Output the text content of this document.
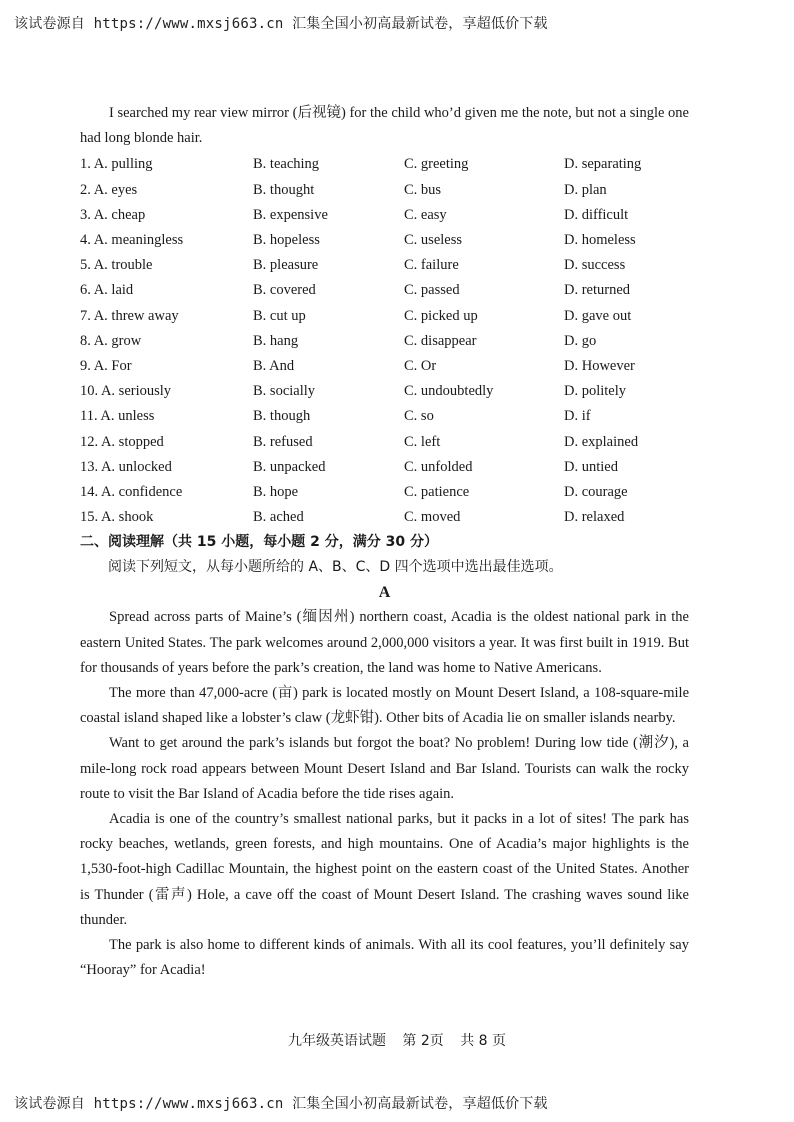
该试卷源自 https://www.mxsj663.cn 汇集全国小初高最新试卷，享超低价下载

I searched my rear view mirror (后视镜) for the child who’d given me the note, but not a single one had long blonde hair.

1. A. pulling	B. teaching	C. greeting	D. separating
2. A. eyes	B. thought	C. bus	D. plan
3. A. cheap	B. expensive	C. easy	D. difficult
4. A. meaningless	B. hopeless	C. useless	D. homeless
5. A. trouble	B. pleasure	C. failure	D. success
6. A. laid	B. covered	C. passed	D. returned
7. A. threw away	B. cut up	C. picked up	D. gave out
8. A. grow	B. hang	C. disappear	D. go
9. A. For	B. And	C. Or	D. However
10. A. seriously	B. socially	C. undoubtedly	D. politely
11. A. unless	B. though	C. so	D. if
12. A. stopped	B. refused	C. left	D. explained
13. A. unlocked	B. unpacked	C. unfolded	D. untied
14. A. confidence	B. hope	C. patience	D. courage
15. A. shook	B. ached	C. moved	D. relaxed

二、阅读理解（共 15 小题，每小题 2 分，满分 30 分）

阅读下列短文，从每小题所给的 A、B、C、D 四个选项中选出最佳选项。

A

Spread across parts of Maine’s (缅因州) northern coast, Acadia is the oldest national park in the eastern United States. The park welcomes around 2,000,000 visitors a year. It was first built in 1919. But for thousands of years before the park’s creation, the land was home to Native Americans.

The more than 47,000-acre (亩) park is located mostly on Mount Desert Island, a 108-square-mile coastal island shaped like a lobster’s claw (龙虾钳). Other bits of Acadia lie on smaller islands nearby.

Want to get around the park’s islands but forgot the boat? No problem! During low tide (潮汐), a mile-long rock road appears between Mount Desert Island and Bar Island. Tourists can walk the rocky route to visit the Bar Island of Acadia before the tide rises again.

Acadia is one of the country’s smallest national parks, but it packs in a lot of sites! The park has rocky beaches, wetlands, green forests, and high mountains. One of Acadia’s major highlights is the 1,530-foot-high Cadillac Mountain, the highest point on the eastern coast of the United States. Another is Thunder (雷声) Hole, a cave off the coast of Mount Desert Island. The crashing waves sound like thunder.

The park is also home to different kinds of animals. With all its cool features, you’ll definitely say “Hooray” for Acadia!

九年级英语试题 第 2页 共 8 页
该试卷源自 https://www.mxsj663.cn 汇集全国小初高最新试卷，享超低价下载
